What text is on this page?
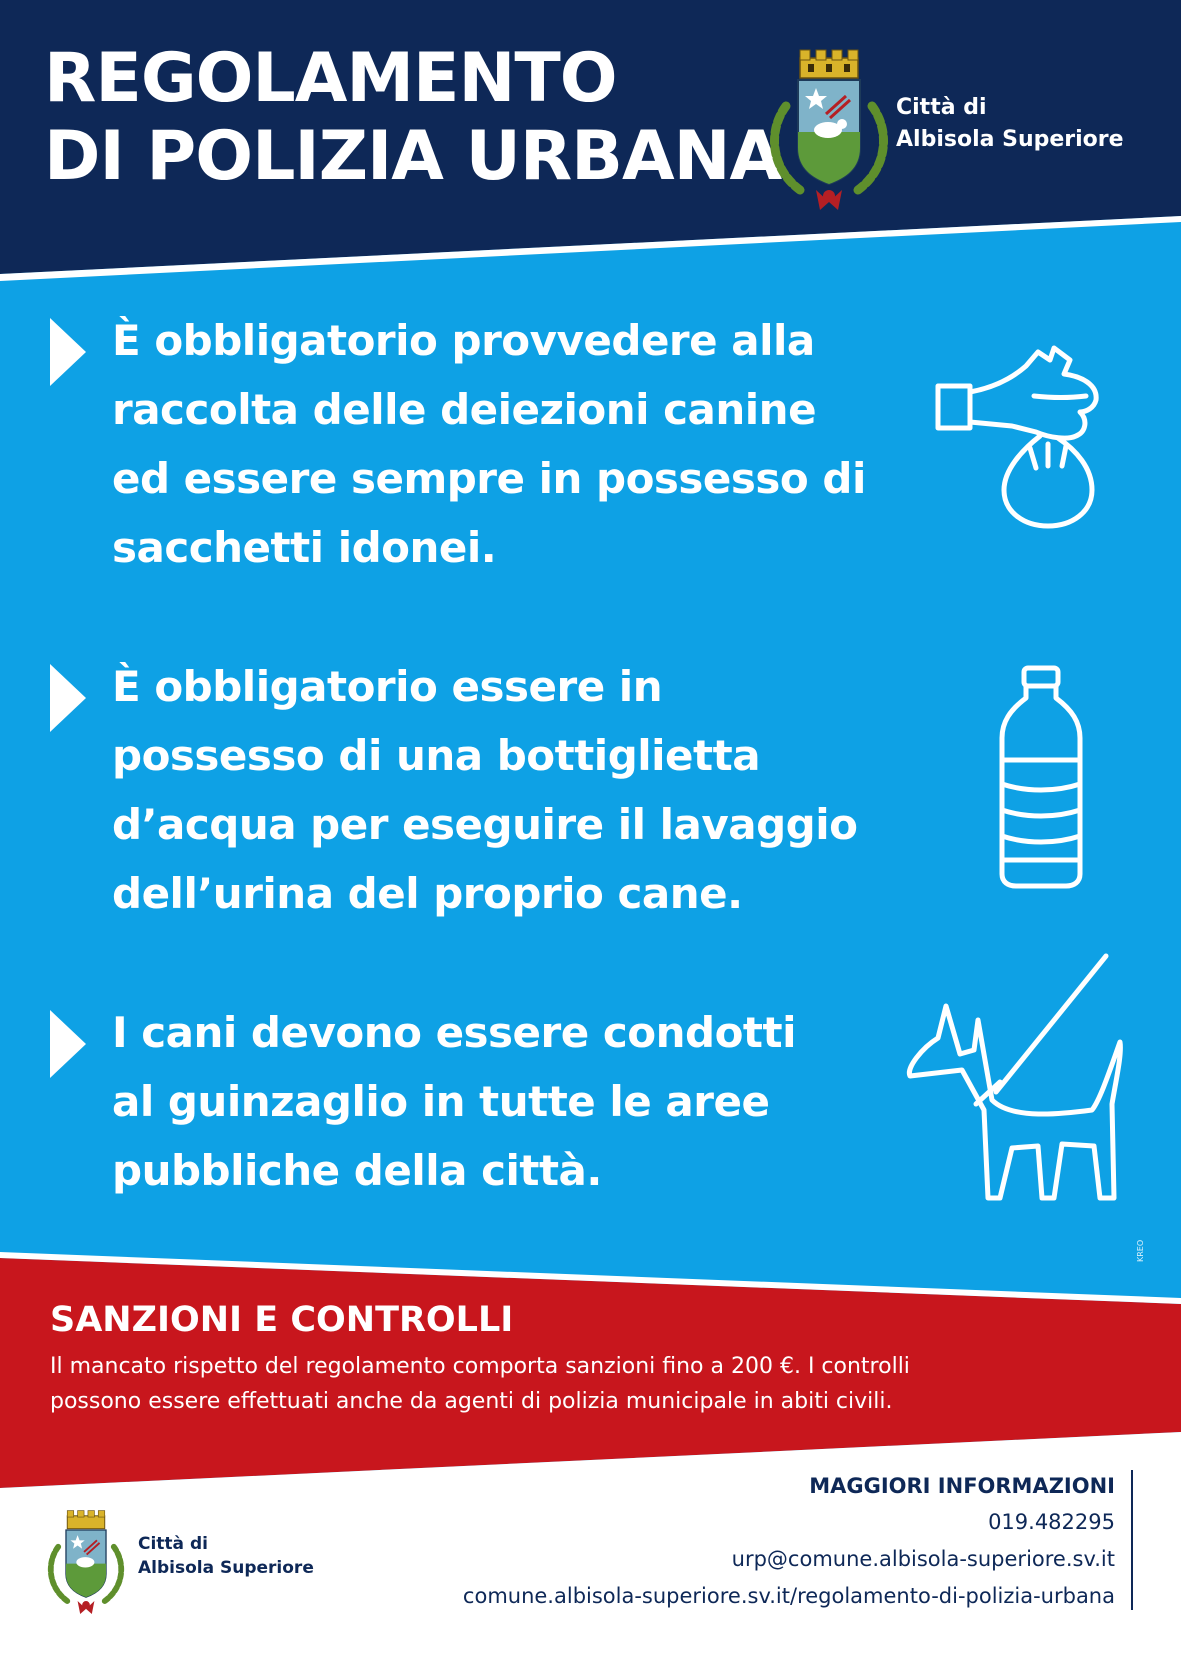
REGOLAMENTO
DI POLIZIA URBANA
Città di
Albisola Superiore
È obbligatorio provvedere alla
raccolta delle deiezioni canine
ed essere sempre in possesso di
sacchetti idonei.
È obbligatorio essere in
possesso di una bottiglietta
d’acqua per eseguire il lavaggio
dell’urina del proprio cane.
I cani devono essere condotti
al guinzaglio in tutte le aree
pubbliche della città.
KREO
SANZIONI E CONTROLLI
Il mancato rispetto del regolamento comporta sanzioni fino a 200 €. I controlli
possono essere effettuati anche da agenti di polizia municipale in abiti civili.
Città di
Albisola Superiore
MAGGIORI INFORMAZIONI
019.482295
urp@comune.albisola-superiore.sv.it
comune.albisola-superiore.sv.it/regolamento-di-polizia-urbana
